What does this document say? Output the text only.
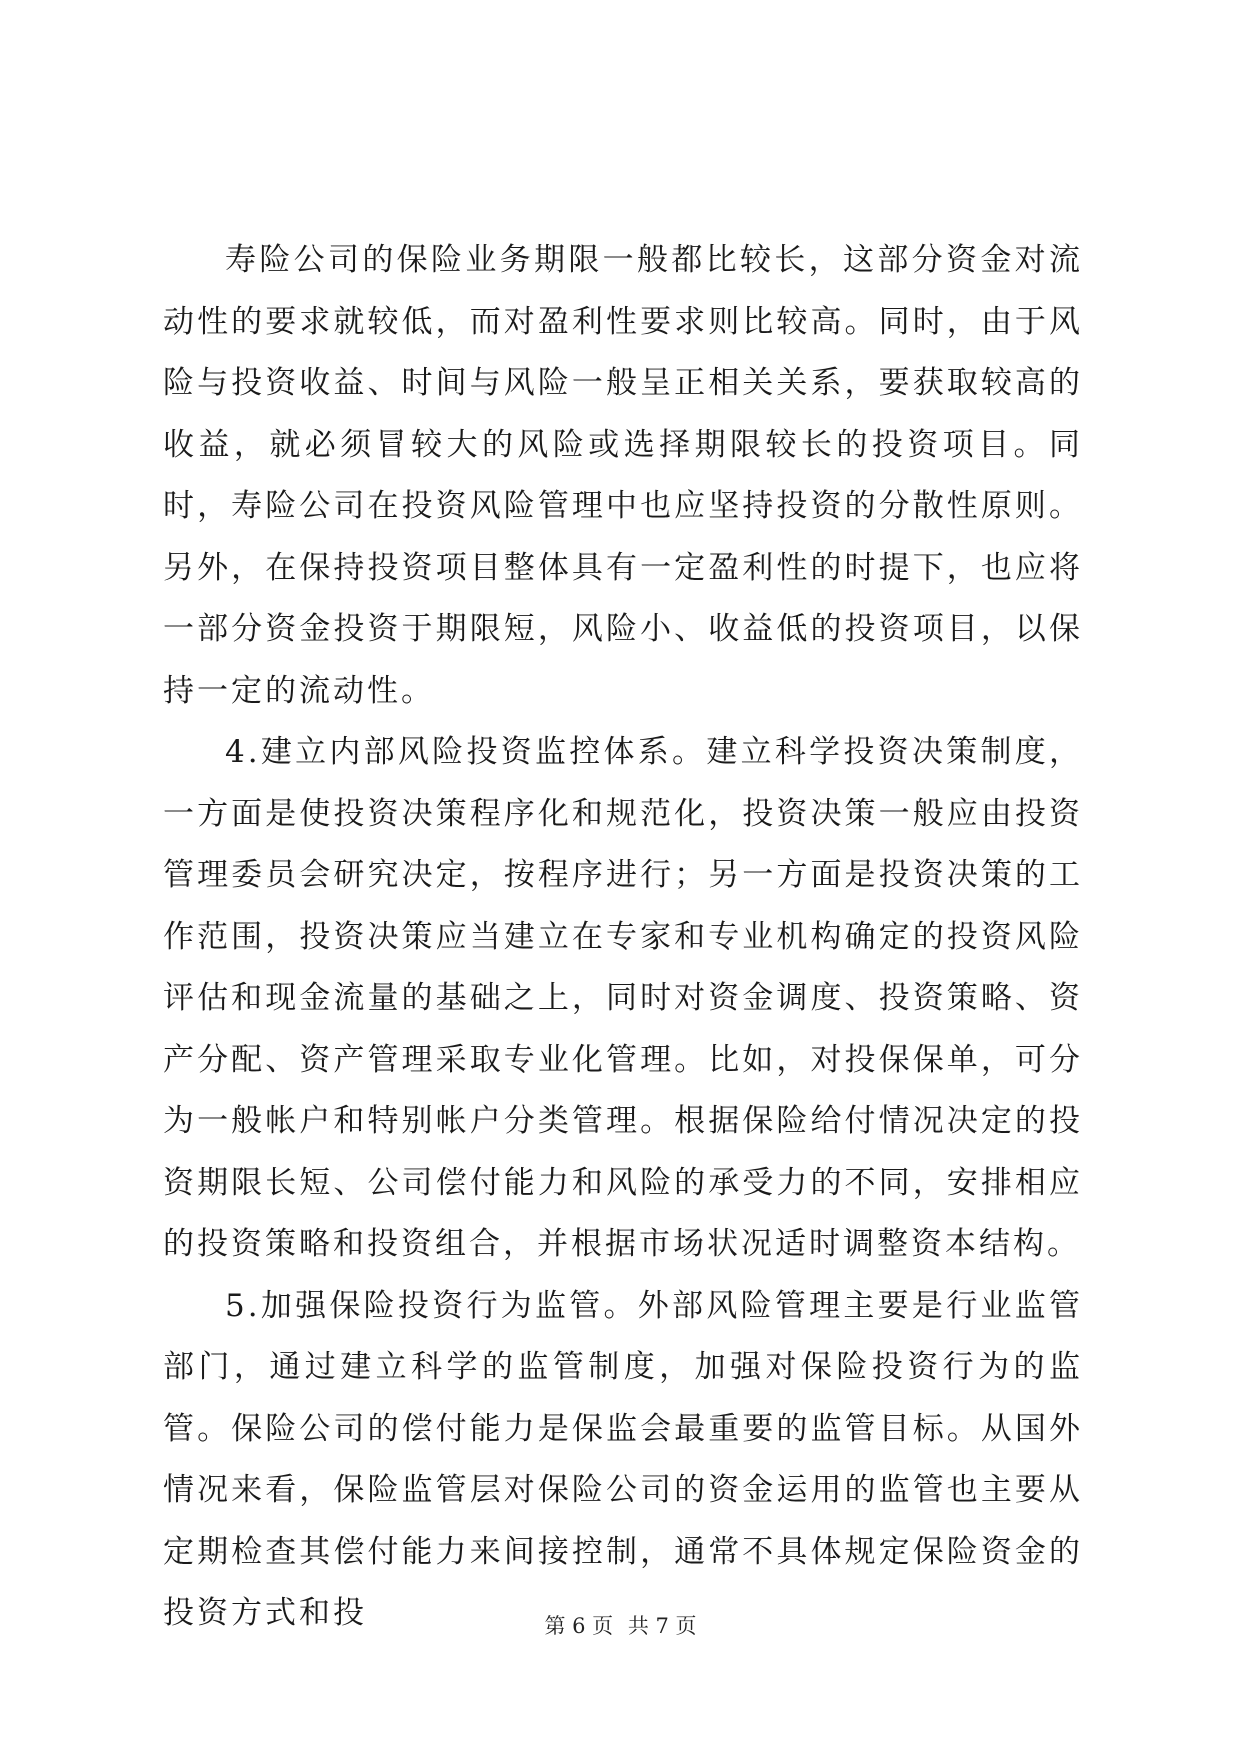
寿险公司的保险业务期限一般都比较长，这部分资金对流动性的要求就较低，而对盈利性要求则比较高。同时，由于风险与投资收益、时间与风险一般呈正相关关系，要获取较高的收益，就必须冒较大的风险或选择期限较长的投资项目。同时，寿险公司在投资风险管理中也应坚持投资的分散性原则。另外，在保持投资项目整体具有一定盈利性的时提下，也应将一部分资金投资于期限短，风险小、收益低的投资项目，以保持一定的流动性。

4.建立内部风险投资监控体系。建立科学投资决策制度，一方面是使投资决策程序化和规范化，投资决策一般应由投资管理委员会研究决定，按程序进行；另一方面是投资决策的工作范围，投资决策应当建立在专家和专业机构确定的投资风险评估和现金流量的基础之上，同时对资金调度、投资策略、资产分配、资产管理采取专业化管理。比如，对投保保单，可分为一般帐户和特别帐户分类管理。根据保险给付情况决定的投资期限长短、公司偿付能力和风险的承受力的不同，安排相应的投资策略和投资组合，并根据市场状况适时调整资本结构。

5.加强保险投资行为监管。外部风险管理主要是行业监管部门，通过建立科学的监管制度，加强对保险投资行为的监管。保险公司的偿付能力是保监会最重要的监管目标。从国外情况来看，保险监管层对保险公司的资金运用的监管也主要从定期检查其偿付能力来间接控制，通常不具体规定保险资金的投资方式和投	第 6 页 共 7 页
